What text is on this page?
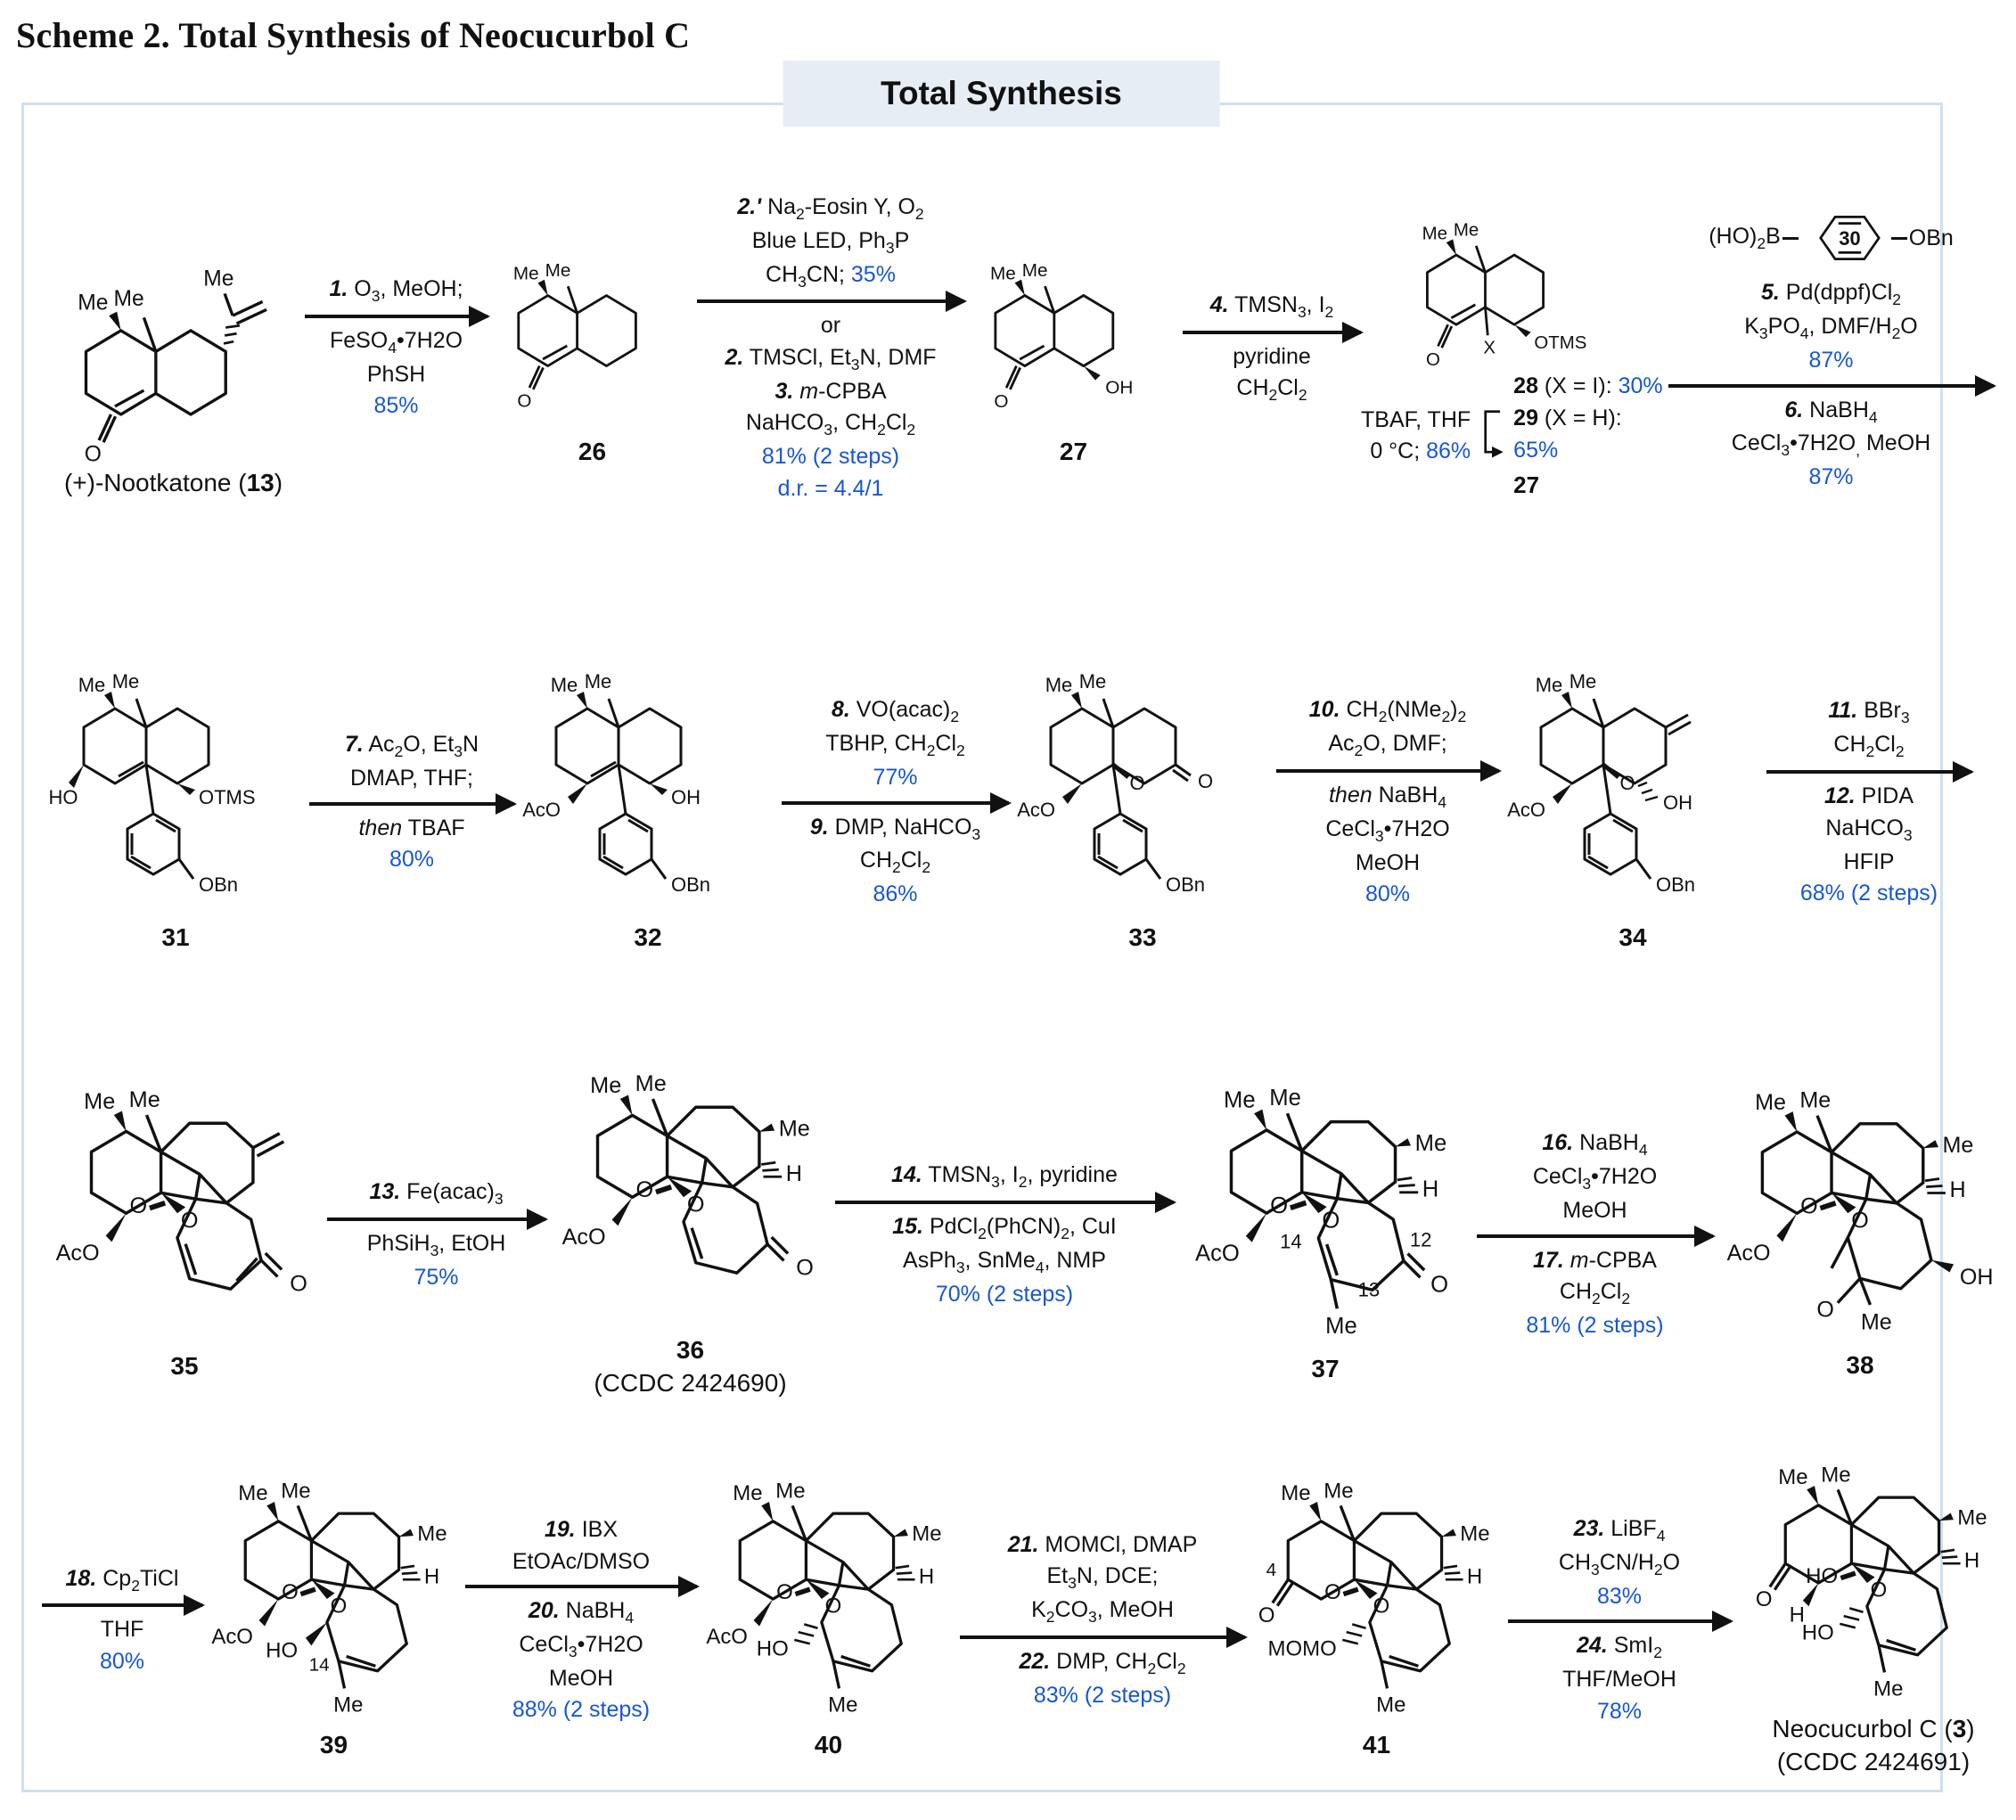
Scheme 2. Total Synthesis of Neocucurbol C
Total Synthesis
Me Me
Me
O
(+)-Nootkatone (13)
1. $O_3$, MeOH;
FeSO$_4$•7H2O
PhSH
85%
Me Me
O
26
2.' $Na_2$-Eosin Y, $O_2$
Blue LED, $Ph_3P$
$CH_3CN$; 35%
or
2. TMSCl, $Et_3N$, DMF
3. m-CPBA
NaHCO$_3$, $CH_2Cl_2$
81% (2 steps)
d.r. = 4.4/1
Me Me
O
OH
27
4. $TMSN_3$, $I_2$
pyridine
$CH_2Cl_2$
Me Me
O
X OTMS
TBAF, THF
0 °C; 86%
28 (X = I): 30%
29 (X = H): 65%
27
$(HO)_2B$	30 OBn
5. $Pd(dppf)Cl_2$
$K_3PO_4$, DMF/$H_2O$
87%
6. NaBH$_4$
$CeCl_3•7H2O_,$ MeOH
87%
Me Me
HO	OTMS
OBn
31
7. $Ac_2O$, $Et_3N$
DMAP, THF;
then TBAF
80%
Me Me
AcO
OH
OBn
32
8. $VO(acac)_2$
TBHP, $CH_2Cl_2$
77%
9. DMP, NaHCO$_3$
$CH_2Cl_2$
86%
Me Me
AcO
O	O
OBn
33
10. $CH_2(NMe_2)_2$
$Ac_2O$, DMF;
then NaBH$_4$
CeCl$_3$•7H2O
MeOH
80%
Me Me
AcO
O
OH
OBn
34
11. BBr$_3$
$CH_2Cl_2$
12. PIDA
NaHCO$_3$
HFIP
68% (2 steps)
Me Me
O
O
AcO
O
35
13. $Fe(acac)_3$
PhSiH$_3$, EtOH
75%
Me Me
Me
H
O
O
AcO
O
36
(CCDC 2424690)
14. $TMSN_3$, $I_2$, pyridine
15. $PdCl_2(PhCN)_2$, CuI
AsPh$_3$, SnMe$_4$, NMP
70% (2 steps)
Me Me
Me
H
O
O
AcO 14
13
12
O
Me
37
16. NaBH$_4$
CeCl$_3$•7H2O
MeOH
17. m-CPBA
$CH_2Cl_2$
81% (2 steps)
Me Me
Me
H
O
O
AcO
O
OH
Me
38
18. $Cp_2TiCl$
THF
80%
Me Me
Me
H
O
O
AcO
HO
14
Me
39
19. IBX
EtOAc/DMSO
20. NaBH$_4$
CeCl$_3$•7H2O
MeOH
88% (2 steps)
Me Me
Me
H
O
O
AcO HO
Me
40
21. MOMCl, DMAP
$Et_3N$, DCE;
$K_2CO_3$, MeOH
22. DMP, $CH_2Cl_2$
83% (2 steps)
Me Me
Me
H
O
O
4
O
MOMO
Me
41
23. LiBF$_4$
$CH_3CN/H_2O$
83%
24. SmI$_2$
THF/MeOH
78%
Me Me
Me
H
HO
O
O
H
HO
Me
Neocucurbol C (3)
(CCDC 2424691)
